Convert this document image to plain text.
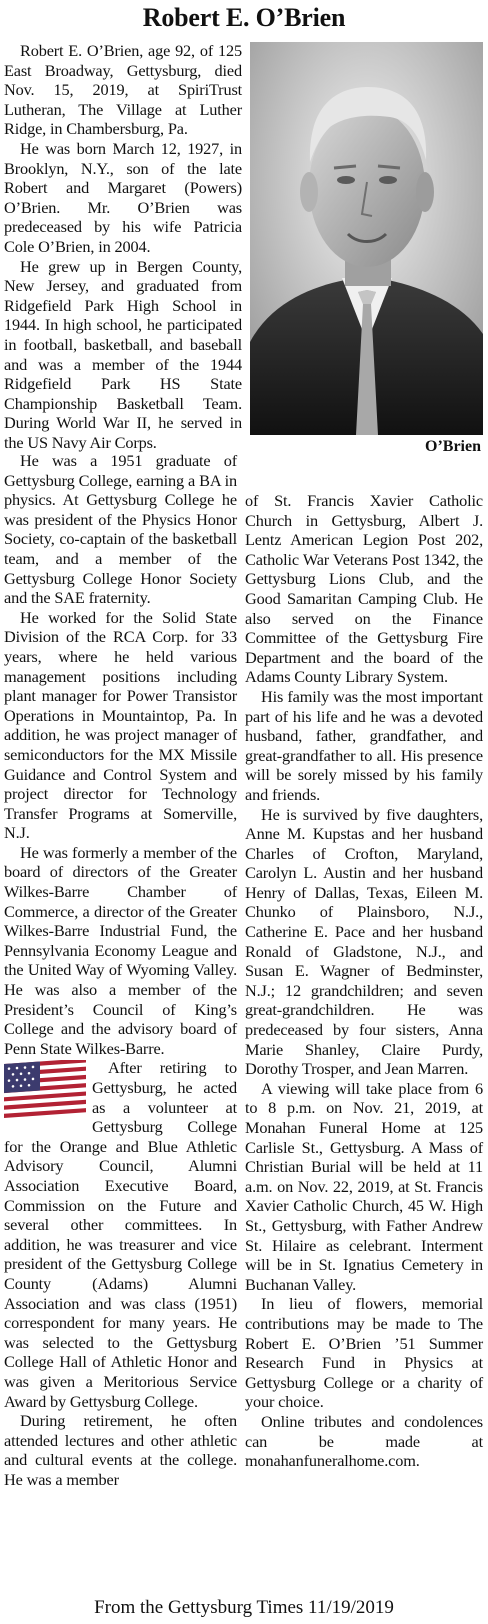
Robert E. O’Brien

Robert E. O’Brien, age 92, of 125 East Broadway, Gettysburg, died Nov. 15, 2019, at SpiriTrust Lutheran, The Village at Luther Ridge, in Chambersburg, Pa.

He was born March 12, 1927, in Brooklyn, N.Y., son of the late Robert and Margaret (Powers) O’Brien. Mr. O’Brien was predeceased by his wife Patricia Cole O’Brien, in 2004.

He grew up in Bergen County, New Jersey, and graduated from Ridgefield Park High School in 1944. In high school, he participated in football, basketball, and baseball and was a member of the 1944 Ridgefield Park HS State Championship Basketball Team. During World War II, he served in the US Navy Air Corps.	O’Brien

He was a 1951 graduate of Gettysburg College, earning a BA in physics. At Gettysburg College he was president of the Physics Honor Society, co-captain of the basketball team, and a member of the Gettysburg College Honor Society and the SAE fraternity.

He worked for the Solid State Division of the RCA Corp. for 33 years, where he held various management positions including plant manager for Power Transistor Operations in Mountaintop, Pa. In addition, he was project manager of semiconductors for the MX Missile Guidance and Control System and project director for Technology Transfer Programs at Somerville, N.J.

He was formerly a member of the board of directors of the Greater Wilkes-Barre Chamber of Commerce, a director of the Greater Wilkes-Barre Industrial Fund, the Pennsylvania Economy League and the United Way of Wyoming Valley. He was also a member of the President’s Council of King’s College and the advisory board of Penn State Wilkes-Barre.

After retiring to Gettysburg, he acted as a volunteer at Gettysburg College for the Orange and Blue Athletic Advisory Council, Alumni Association Executive Board, Commission on the Future and several other committees. In addition, he was treasurer and vice president of the Gettysburg College County (Adams) Alumni Association and was class (1951) correspondent for many years. He was selected to the Gettysburg College Hall of Athletic Honor and was given a Meritorious Service Award by Gettysburg College.

During retirement, he often attended lectures and other athletic and cultural events at the college. He was a member

of St. Francis Xavier Catholic Church in Gettysburg, Albert J. Lentz American Legion Post 202, Catholic War Veterans Post 1342, the Gettysburg Lions Club, and the Good Samaritan Camping Club. He also served on the Finance Committee of the Gettysburg Fire Department and the board of the Adams County Library System.

His family was the most important part of his life and he was a devoted husband, father, grandfather, and great-grandfather to all. His presence will be sorely missed by his family and friends.

He is survived by five daughters, Anne M. Kupstas and her husband Charles of Crofton, Maryland, Carolyn L. Austin and her husband Henry of Dallas, Texas, Eileen M. Chunko of Plainsboro, N.J., Catherine E. Pace and her husband Ronald of Gladstone, N.J., and Susan E. Wagner of Bedminster, N.J.; 12 grandchildren; and seven great-grandchildren. He was predeceased by four sisters, Anna Marie Shanley, Claire Purdy, Dorothy Trosper, and Jean Marren.

A viewing will take place from 6 to 8 p.m. on Nov. 21, 2019, at Monahan Funeral Home at 125 Carlisle St., Gettysburg. A Mass of Christian Burial will be held at 11 a.m. on Nov. 22, 2019, at St. Francis Xavier Catholic Church, 45 W. High St., Gettysburg, with Father Andrew St. Hilaire as celebrant. Interment will be in St. Ignatius Cemetery in Buchanan Valley.

In lieu of flowers, memorial contributions may be made to The Robert E. O’Brien ’51 Summer Research Fund in Physics at Gettysburg College or a charity of your choice.

Online tributes and condolences can be made at monahanfuneralhome.com.

From the Gettysburg Times 11/19/2019
